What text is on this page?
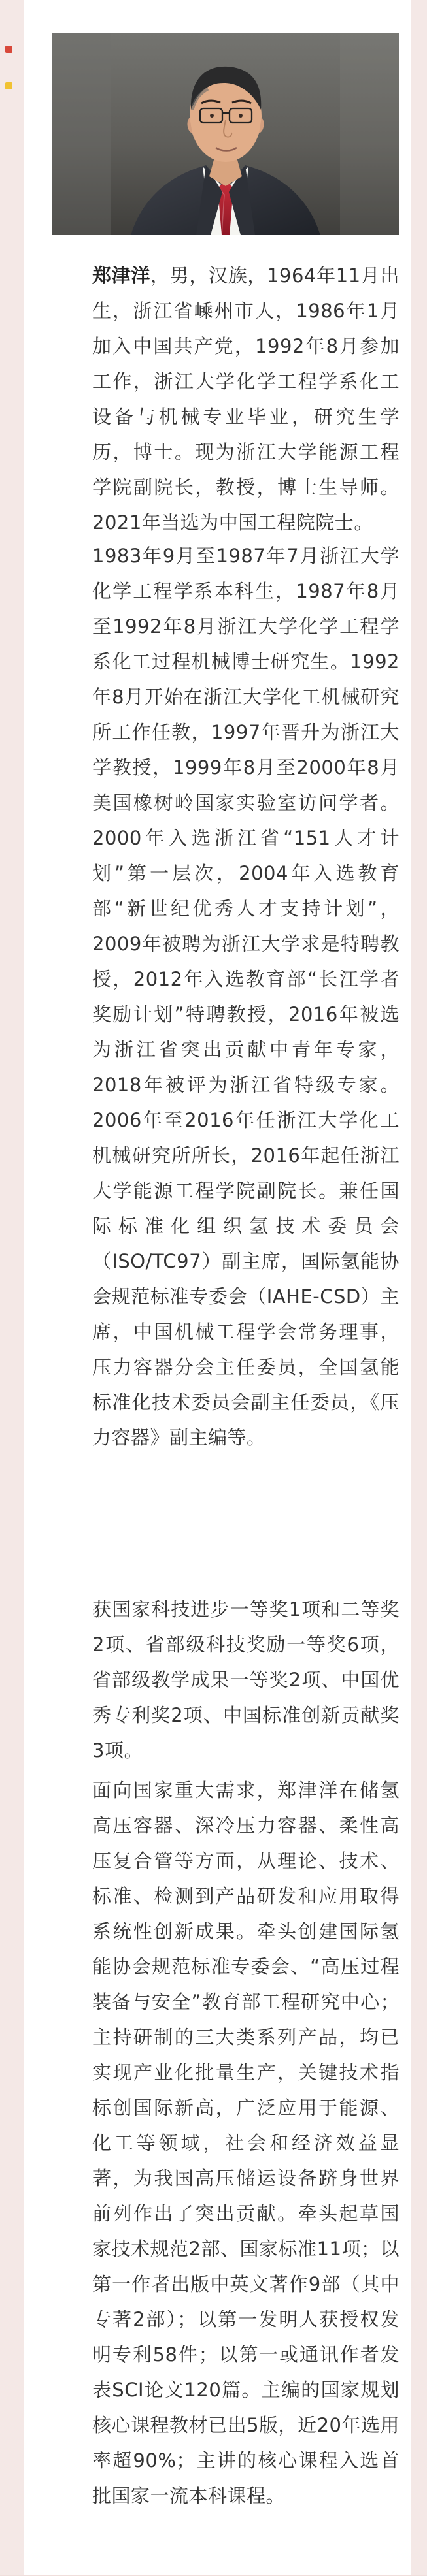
郑津洋，男，汉族，1964年11月出生，浙江省嵊州市人，1986年1月加入中国共产党，1992年8月参加工作，浙江大学化学工程学系化工设备与机械专业毕业，研究生学历，博士。现为浙江大学能源工程学院副院长，教授，博士生导师。2021年当选为中国工程院院士。
1983年9月至1987年7月浙江大学化学工程学系本科生，1987年8月至1992年8月浙江大学化学工程学系化工过程机械博士研究生。1992年8月开始在浙江大学化工机械研究所工作任教，1997年晋升为浙江大学教授，1999年8月至2000年8月美国橡树岭国家实验室访问学者。2000年入选浙江省“151人才计划”第一层次，2004年入选教育部“新世纪优秀人才支持计划”，2009年被聘为浙江大学求是特聘教授，2012年入选教育部“长江学者奖励计划”特聘教授，2016年被选为浙江省突出贡献中青年专家，2018年被评为浙江省特级专家。2006年至2016年任浙江大学化工机械研究所所长，2016年起任浙江大学能源工程学院副院长。兼任国际标准化组织氢技术委员会（ISO/TC97）副主席，国际氢能协会规范标准专委会（IAHE-CSD）主席，中国机械工程学会常务理事，压力容器分会主任委员，全国氢能标准化技术委员会副主任委员，《压力容器》副主编等。
获国家科技进步一等奖1项和二等奖2项、省部级科技奖励一等奖6项，省部级教学成果一等奖2项、中国优秀专利奖2项、中国标准创新贡献奖3项。
面向国家重大需求，郑津洋在储氢高压容器、深冷压力容器、柔性高压复合管等方面，从理论、技术、标准、检测到产品研发和应用取得系统性创新成果。牵头创建国际氢能协会规范标准专委会、“高压过程装备与安全”教育部工程研究中心；主持研制的三大类系列产品，均已实现产业化批量生产，关键技术指标创国际新高，广泛应用于能源、化工等领域，社会和经济效益显著，为我国高压储运设备跻身世界前列作出了突出贡献。牵头起草国家技术规范2部、国家标准11项；以第一作者出版中英文著作9部（其中专著2部）；以第一发明人获授权发明专利58件；以第一或通讯作者发表SCI论文120篇。主编的国家规划核心课程教材已出5版，近20年选用率超90%；主讲的核心课程入选首批国家一流本科课程。
